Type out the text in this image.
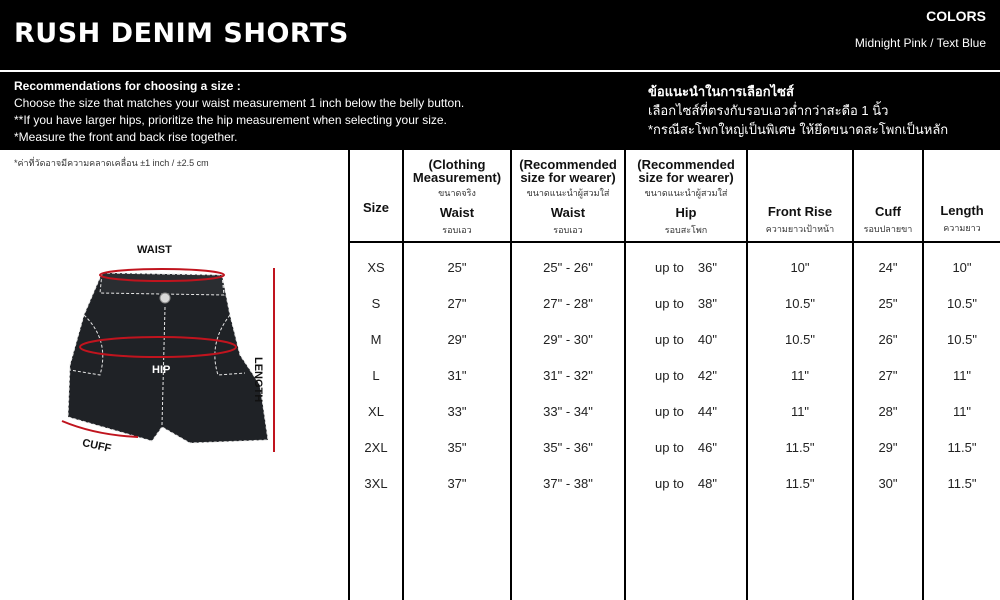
RUSH DENIM SHORTS
COLORS
Midnight Pink / Text Blue
Recommendations for choosing a size :
Choose the size that matches your waist measurement 1 inch below the belly button.
**If you have larger hips, prioritize the hip measurement when selecting your size.
*Measure the front and back rise together.
ข้อแนะนำในการเลือกไซส์
เลือกไซส์ที่ตรงกับรอบเอวต่ำกว่าสะดือ 1 นิ้ว
*กรณีสะโพกใหญ่เป็นพิเศษ ให้ยึดขนาดสะโพกเป็นหลัก
*ค่าที่วัดอาจมีความคลาดเคลื่อน ±1 inch / ±2.5 cm
WAIST
HIP
CUFF
LENGTH
Size
(Clothing Measurement)
ขนาดจริง
Waist
รอบเอว
(Recommended size for wearer)
ขนาดแนะนำผู้สวมใส่
Waist
รอบเอว
(Recommended size for wearer)
ขนาดแนะนำผู้สวมใส่
Hip
รอบสะโพก
Front Rise
ความยาวเป้าหน้า
Cuff
รอบปลายขา
Length
ความยาว
XS	25"	25" - 26"	up to 36"	10"	24"	10"
S	27"	27" - 28"	up to 38"	10.5"	25"	10.5"
M	29"	29" - 30"	up to 40"	10.5"	26"	10.5"
L	31"	31" - 32"	up to 42"	11"	27"	11"
XL	33"	33" - 34"	up to 44"	11"	28"	11"
2XL	35"	35" - 36"	up to 46"	11.5"	29"	11.5"
3XL	37"	37" - 38"	up to 48"	11.5"	30"	11.5"
